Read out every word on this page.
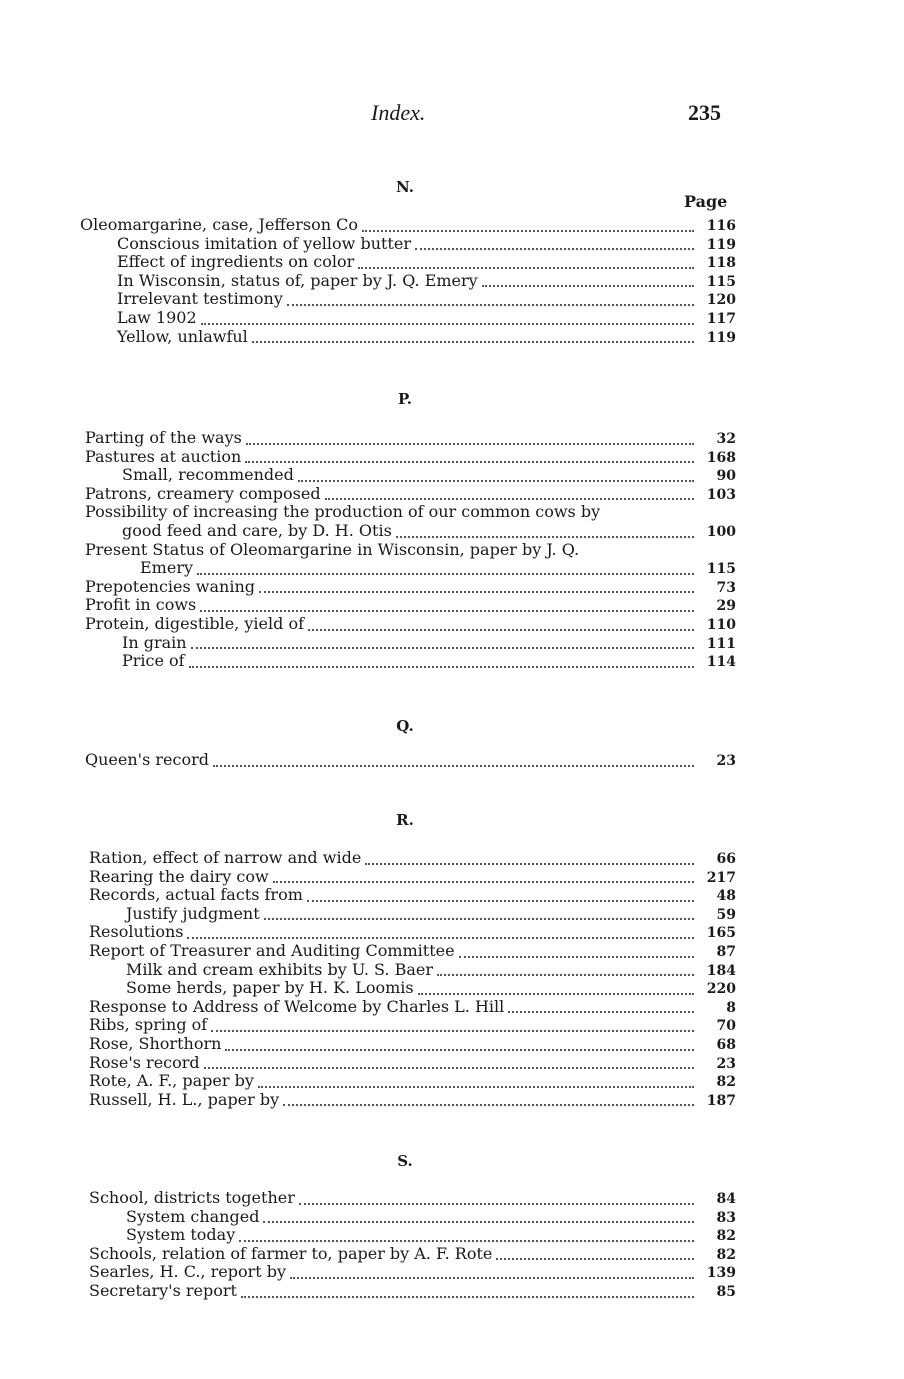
Index.	235
N.
Page
Oleomargarine, case, Jefferson Co	116
Conscious imitation of yellow butter	119
Effect of ingredients on color	118
In Wisconsin, status of, paper by J. Q. Emery	115
Irrelevant testimony	120
Law 1902	117
Yellow, unlawful	119
P.
Parting of the ways	32
Pastures at auction	168
Small, recommended	90
Patrons, creamery composed	103
Possibility of increasing the production of our common cows by
good feed and care, by D. H. Otis	100
Present Status of Oleomargarine in Wisconsin, paper by J. Q.
Emery	115
Prepotencies waning	73
Profit in cows	29
Protein, digestible, yield of	110
In grain	111
Price of	114
Q.
Queen's record	23
R.
Ration, effect of narrow and wide	66
Rearing the dairy cow	217
Records, actual facts from	48
Justify judgment	59
Resolutions	165
Report of Treasurer and Auditing Committee	87
Milk and cream exhibits by U. S. Baer	184
Some herds, paper by H. K. Loomis	220
Response to Address of Welcome by Charles L. Hill	8
Ribs, spring of	70
Rose, Shorthorn	68
Rose's record	23
Rote, A. F., paper by	82
Russell, H. L., paper by	187
S.
School, districts together	84
System changed	83
System today	82
Schools, relation of farmer to, paper by A. F. Rote	82
Searles, H. C., report by	139
Secretary's report	85
